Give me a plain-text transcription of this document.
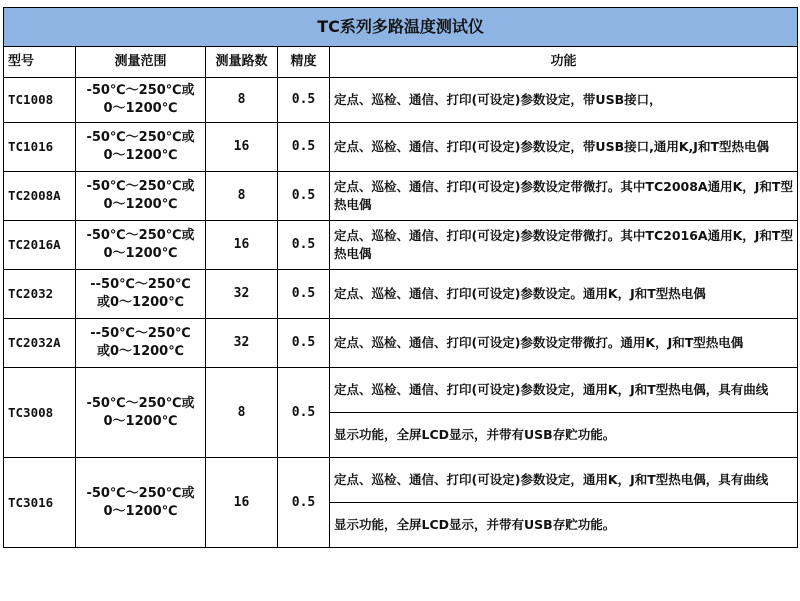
TC系列多路温度测试仪				
型号	测量范围	测量路数	精度	功能
TC1008	-50℃～250℃或
0～1200℃	8	0.5	定点、巡检、通信、打印(可设定)参数设定，带USB接口，
TC1016	-50℃～250℃或
0～1200℃	16	0.5	定点、巡检、通信、打印(可设定)参数设定，带USB接口,通用K,J和T型热电偶
TC2008A	-50℃～250℃或
0～1200℃	8	0.5	定点、巡检、通信、打印(可设定)参数设定带微打。其中TC2008A通用K，J和T型热电偶
TC2016A	-50℃～250℃或
0～1200℃	16	0.5	定点、巡检、通信、打印(可设定)参数设定带微打。其中TC2016A通用K，J和T型热电偶
TC2032	--50℃～250℃
或0～1200℃	32	0.5	定点、巡检、通信、打印(可设定)参数设定。通用K，J和T型热电偶
TC2032A	--50℃～250℃
或0～1200℃	32	0.5	定点、巡检、通信、打印(可设定)参数设定带微打。通用K，J和T型热电偶
TC3008	-50℃～250℃或
0～1200℃	8	0.5	定点、巡检、通信、打印(可设定)参数设定，通用K，J和T型热电偶，具有曲线
				显示功能，全屏LCD显示，并带有USB存贮功能。
TC3016	-50℃～250℃或
0～1200℃	16	0.5	定点、巡检、通信、打印(可设定)参数设定，通用K，J和T型热电偶，具有曲线
				显示功能，全屏LCD显示，并带有USB存贮功能。
